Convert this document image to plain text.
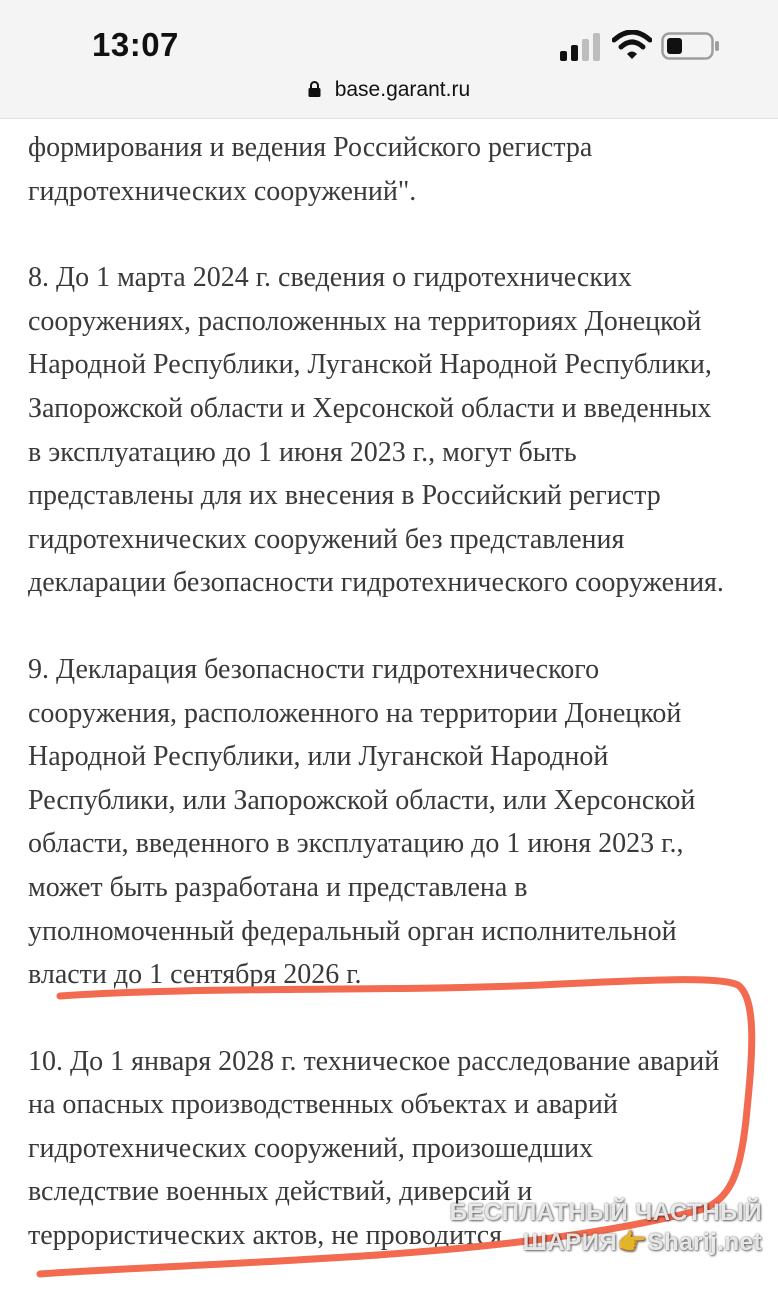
13:07
base.garant.ru

формирования и ведения Российского регистра
гидротехнических сооружений".

8. До 1 марта 2024 г. сведения о гидротехнических
сооружениях, расположенных на территориях Донецкой
Народной Республики, Луганской Народной Республики,
Запорожской области и Херсонской области и введенных
в эксплуатацию до 1 июня 2023 г., могут быть
представлены для их внесения в Российский регистр
гидротехнических сооружений без представления
декларации безопасности гидротехнического сооружения.

9. Декларация безопасности гидротехнического
сооружения, расположенного на территории Донецкой
Народной Республики, или Луганской Народной
Республики, или Запорожской области, или Херсонской
области, введенного в эксплуатацию до 1 июня 2023 г.,
может быть разработана и представлена в
уполномоченный федеральный орган исполнительной
власти до 1 сентября 2026 г.

10. До 1 января 2028 г. техническое расследование аварий
на опасных производственных объектах и аварий
гидротехнических сооружений, произошедших
вследствие военных действий, диверсий и
террористических актов, не проводится.

БЕСПЛАТНЫЙ ЧАСТНЫЙ
ШАРИЯ👉Sharij.net
